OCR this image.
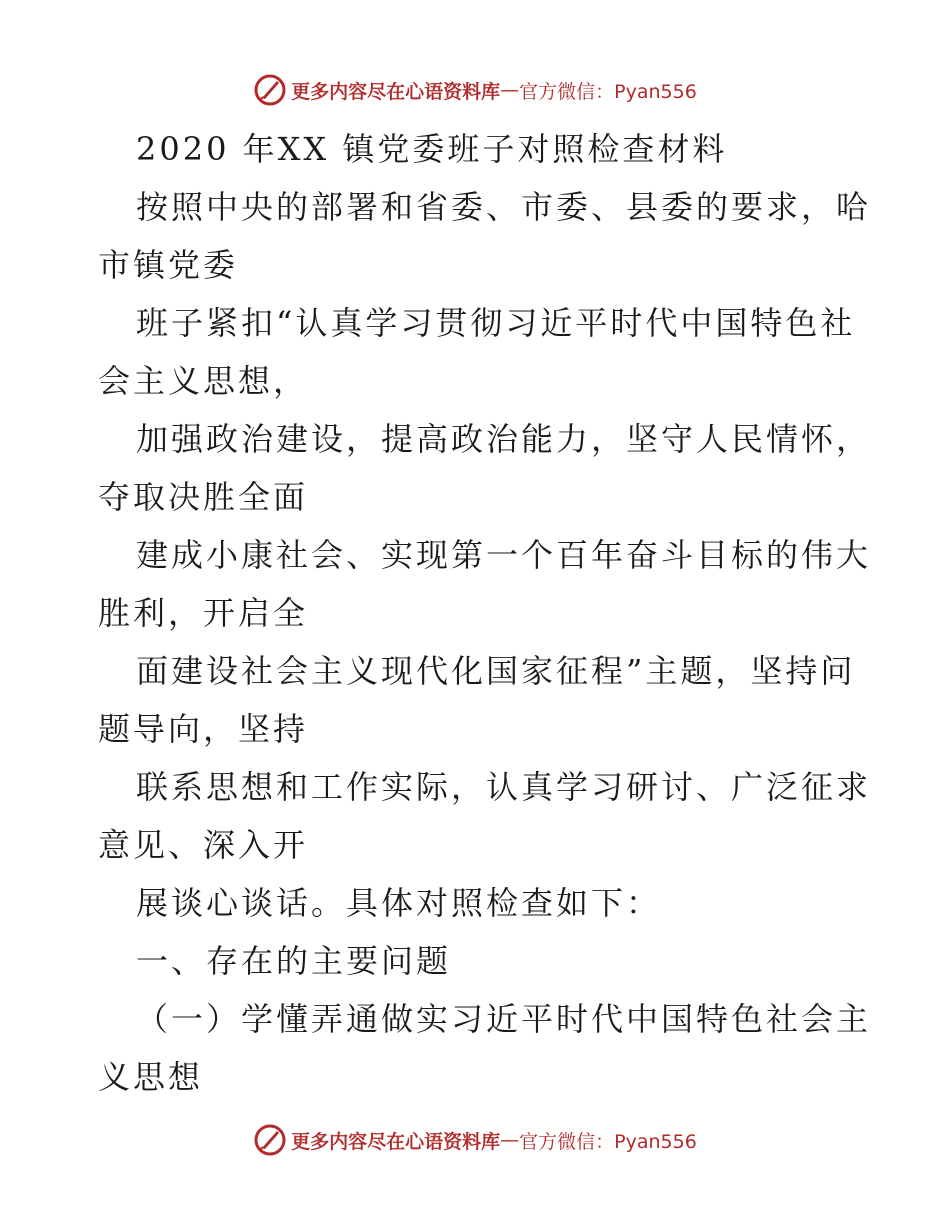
更多内容尽在心语资料库 — 官方微信：Pyan556
2020 年XX 镇党委班子对照检查材料
按照中央的部署和省委、市委、县委的要求，哈
市镇党委
班子紧扣“认真学习贯彻习近平时代中国特色社
会主义思想，
加强政治建设，提高政治能力，坚守人民情怀，
夺取决胜全面
建成小康社会、实现第一个百年奋斗目标的伟大
胜利，开启全
面建设社会主义现代化国家征程”主题，坚持问
题导向，坚持
联系思想和工作实际，认真学习研讨、广泛征求
意见、深入开
展谈心谈话。具体对照检查如下：
一、存在的主要问题
（一）学懂弄通做实习近平时代中国特色社会主
义思想
更多内容尽在心语资料库 — 官方微信：Pyan556
